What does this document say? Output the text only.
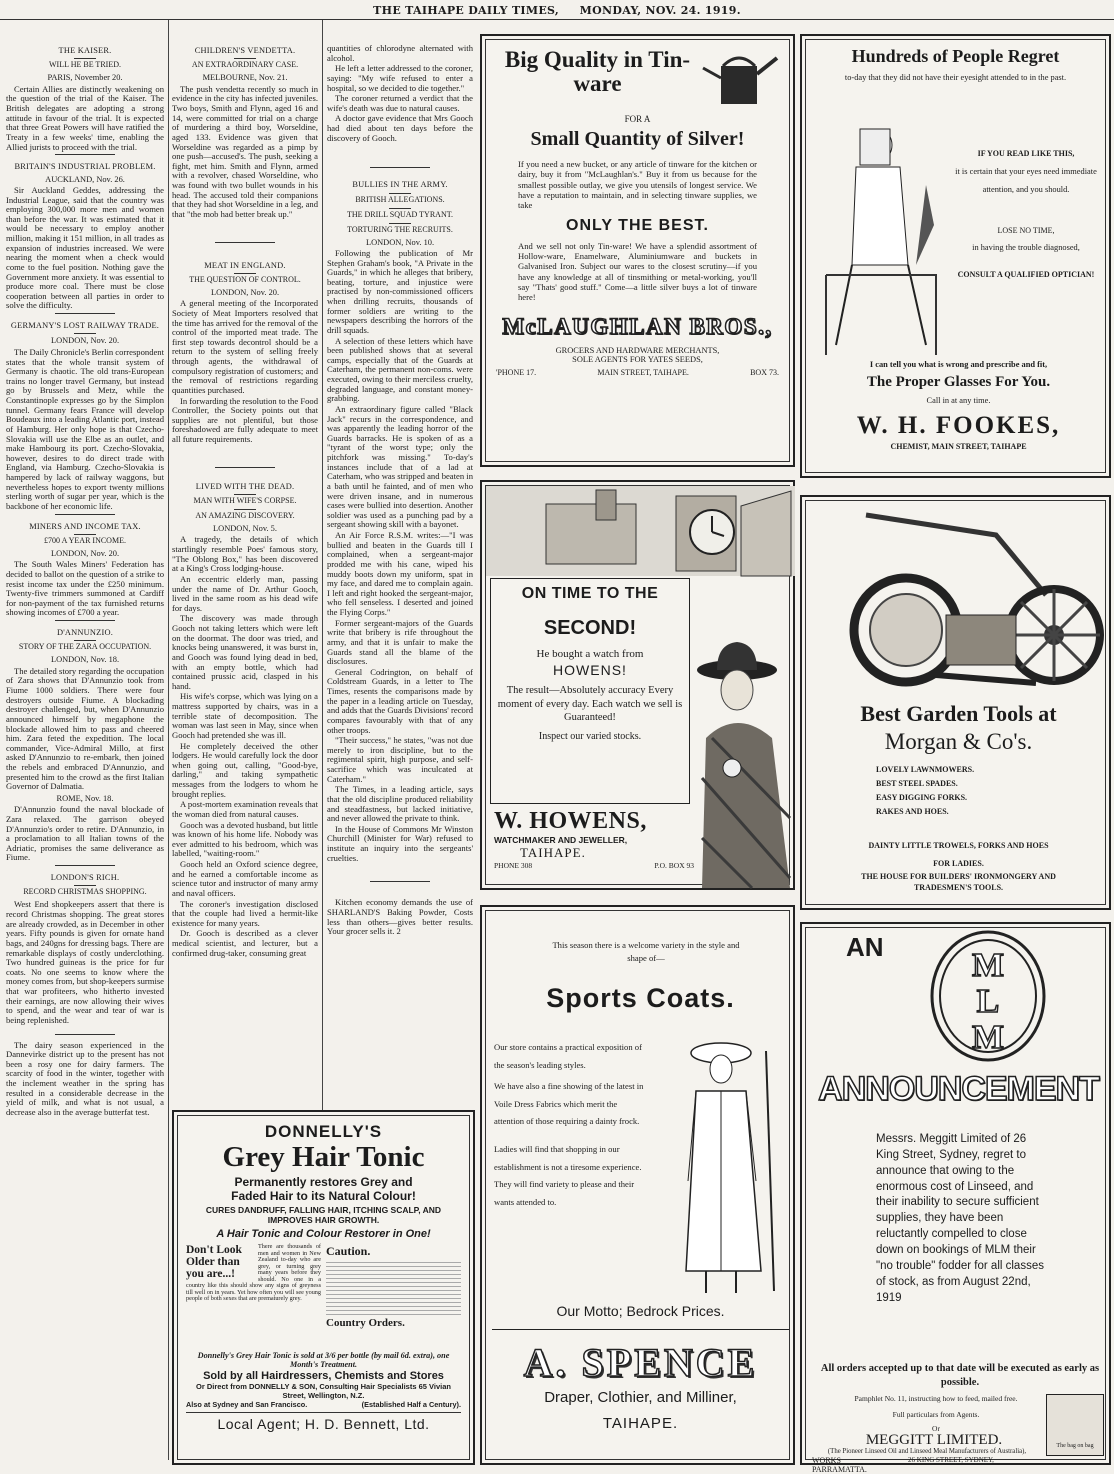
THE TAIHAPE DAILY TIMES, MONDAY, NOV. 24. 1919.
THE KAISER.
WILL HE BE TRIED.
PARIS, November 20.

Certain Allies are distinctly weakening on the question of the trial of the Kaiser. The British delegates are adopting a strong attitude in favour of the trial. It is expected that three Great Powers will have ratified the Treaty in a few weeks' time, enabling the Allied jurists to proceed with the trial.

BRITAIN'S INDUSTRIAL PROBLEM.
AUCKLAND, Nov. 26.

Sir Auckland Geddes, addressing the Industrial League, said that the country was employing 300,000 more men and women than before the war. It was estimated that it would be necessary to employ another million, making it 151 million, in all trades as expansion of industries increased. We were nearing the moment when a check would come to the fuel position. Nothing gave the Government more anxiety. It was essential to produce more coal. There must be close cooperation between all parties in order to solve the difficulty.

GERMANY'S LOST RAILWAY TRADE.
LONDON, Nov. 20.

The Daily Chronicle's Berlin correspondent states that the whole transit system of Germany is chaotic. The old trans-European trains no longer travel Germany, but instead go by Brussels and Metz, while the Constantinople expresses go by the Simplon tunnel. Germany fears France will develop Boudeaux into a leading Atlantic port, instead of Hamburg. Her only hope is that Czecho-Slovakia will use the Elbe as an outlet, and make Hambourg its port. Czecho-Slovakia, however, desires to do direct trade with England, via Hamburg. Czecho-Slovakia is hampered by lack of railway waggons, but nevertheless hopes to export twenty millions sterling worth of sugar per year, which is the backbone of her economic life.

MINERS AND INCOME TAX.
£700 A YEAR INCOME.
LONDON, Nov. 20.

The South Wales Miners' Federation has decided to ballot on the question of a strike to resist income tax under the £250 minimum. Twenty-five trimmers summoned at Cardiff for non-payment of the tax furnished returns showing incomes of £700 a year.

D'ANNUNZIO.
STORY OF THE ZARA OCCUPATION.
LONDON, Nov. 18.

The detailed story regarding the occupation of Zara shows that D'Annunzio took from Fiume 1000 soldiers. There were four destroyers outside Fiume. A blockading destroyer challenged, but, when D'Annunzio announced himself by megaphone the blockade allowed him to pass and cheered him. Zara feted the expedition. The local commander, Vice-Admiral Millo, at first asked D'Annunzio to re-embark, then joined the rebels and embraced D'Annunzio, and presented him to the crowd as the first Italian Governor of Dalmatia.

ROME, Nov. 18.

D'Annunzio found the naval blockade of Zara relaxed. The garrison obeyed D'Annunzio's order to retire. D'Annunzio, in a proclamation to all Italian towns of the Adriatic, promises the same deliverance as Fiume.

LONDON'S RICH.
RECORD CHRISTMAS SHOPPING.

West End shopkeepers assert that there is record Christmas shopping. The great stores are already crowded, as in December in other years. Fifty pounds is given for ornate hand bags, and 240gns for dressing bags. There are remarkable displays of costly underclothing. Two hundred guineas is the price for fur coats. No one seems to know where the money comes from, but shop-keepers surmise that war profiteers, who hitherto invested their earnings, are now allowing their wives to spend, and the wear and tear of war is being replenished.

The dairy season experienced in the Dannevirke district up to the present has not been a rosy one for dairy farmers. The scarcity of food in the winter, together with the inclement weather in the spring has resulted in a considerable decrease in the yield of milk, and what is not usual, a decrease also in the average butterfat test.

CHILDREN'S VENDETTA.
AN EXTRAORDINARY CASE.
MELBOURNE, Nov. 21.

The push vendetta recently so much in evidence in the city has infected juveniles. Two boys, Smith and Flynn, aged 16 and 14, were committed for trial on a charge of murdering a third boy, Worseldine, aged 133. Evidence was given that Worseldine was regarded as a pimp by one push—accused's. The push, seeking a fight, met him. Smith and Flynn, armed with a revolver, chased Worseldine, who was found with two bullet wounds in his head. The accused told their companions that they had shot Worseldine in a leg, and that "the mob had better break up."

MEAT IN ENGLAND.
THE QUESTION OF CONTROL.
LONDON, Nov. 20.

A general meeting of the Incorporated Society of Meat Importers resolved that the time has arrived for the removal of the control of the imported meat trade. The first step towards decontrol should be a return to the system of selling freely through agents, the withdrawal of compulsory registration of customers; and the removal of restrictions regarding quantities purchased.

In forwarding the resolution to the Food Controller, the Society points out that supplies are not plentiful, but those foreshadowed are fully adequate to meet all future requirements.

LIVED WITH THE DEAD.
MAN WITH WIFE'S CORPSE.
AN AMAZING DISCOVERY.
LONDON, Nov. 5.

A tragedy, the details of which startlingly resemble Poes' famous story, "The Oblong Box," has been discovered at a King's Cross lodging-house.

An eccentric elderly man, passing under the name of Dr. Arthur Gooch, lived in the same room as his dead wife for days.

The discovery was made through Gooch not taking letters which were left on the doormat. The door was tried, and knocks being unanswered, it was burst in, and Gooch was found lying dead in bed, with an empty bottle, which had contained prussic acid, clasped in his hand.

His wife's corpse, which was lying on a mattress supported by chairs, was in a terrible state of decomposition. The woman was last seen in May, since when Gooch had pretended she was ill.

He completely deceived the other lodgers. He would carefully lock the door when going out, calling, "Good-bye, darling," and taking sympathetic messages from the lodgers to whom he brought replies.

A post-mortem examination reveals that the woman died from natural causes.

Gooch was a devoted husband, but little was known of his home life. Nobody was ever admitted to his bedroom, which was labelled, "waiting-room."

Gooch held an Oxford science degree, and he earned a comfortable income as science tutor and instructor of many army and naval officers.

The coroner's investigation disclosed that the couple had lived a hermit-like existence for many years.

Dr. Gooch is described as a clever medical scientist, and lecturer, but a confirmed drug-taker, consuming great

quantities of chlorodyne alternated with alcohol.

He left a letter addressed to the coroner, saying: "My wife refused to enter a hospital, so we decided to die together."

The coroner returned a verdict that the wife's death was due to natural causes.

A doctor gave evidence that Mrs Gooch had died about ten days before the discovery of Gooch.

BULLIES IN THE ARMY.
BRITISH ALLEGATIONS.
THE DRILL SQUAD TYRANT.
TORTURING THE RECRUITS.
LONDON, Nov. 10.

Following the publication of Mr Stephen Graham's book, "A Private in the Guards," in which he alleges that bribery, beating, torture, and injustice were practised by non-commissioned officers when drilling recruits, thousands of former soldiers are writing to the newspapers describing the horrors of the drill squads.

A selection of these letters which have been published shows that at several camps, especially that of the Guards at Caterham, the permanent non-coms. were executed, owing to their merciless cruelty, degraded language, and constant money-grabbing.

An extraordinary figure called "Black Jack" recurs in the correspondence, and was apparently the leading horror of the Guards barracks. He is spoken of as a "tyrant of the worst type; only the pitchfork was missing." To-day's instances include that of a lad at Caterham, who was stripped and beaten in a bath until he fainted, and of men who were driven insane, and in numerous cases were bullied into desertion. Another soldier was used as a punching pad by a sergeant showing skill with a bayonet.

An Air Force R.S.M. writes:—"I was bullied and beaten in the Guards till I complained, when a sergeant-major prodded me with his cane, wiped his muddy boots down my uniform, spat in my face, and dared me to complain again. I left and right hooked the sergeant-major, who fell senseless. I deserted and joined the Flying Corps."

Former sergeant-majors of the Guards write that bribery is rife throughout the army, and that it is unfair to make the Guards stand all the blame of the disclosures.

General Codrington, on behalf of Coldstream Guards, in a letter to The Times, resents the comparisons made by the paper in a leading article on Tuesday, and adds that the Guards Divisions' record compares favourably with that of any other troops.

"Their success," he states, "was not due merely to iron discipline, but to the regimental spirit, high purpose, and self-sacrifice which was inculcated at Caterham."

The Times, in a leading article, says that the old discipline produced reliability and steadfastness, but lacked initiative, and never allowed the private to think.

In the House of Commons Mr Winston Churchill (Minister for War) refused to institute an inquiry into the sergeants' cruelties.

Kitchen economy demands the use of SHARLAND'S Baking Powder, Costs less than others—gives better results. Your grocer sells it. 2

DONNELLY'S
Grey Hair Tonic
Permanently restores Grey and
Faded Hair to its Natural Colour!
CURES DANDRUFF, FALLING HAIR, ITCHING SCALP, AND IMPROVES HAIR GROWTH.
A Hair Tonic and Colour Restorer in One!
Don't Look Older than you are...!
There are thousands of men and women in New Zealand to-day who are grey, or turning grey many years before they should. No one in a country like this should show any signs of greyness till well on in years. Yet how often you will see young people of both sexes that are prematurely grey.
Caution.
Country Orders.
Donnelly's Grey Hair Tonic is sold at 3/6 per bottle (by mail 6d. extra), one Month's Treatment.
Sold by all Hairdressers, Chemists and Stores
Or Direct from DONNELLY & SON, Consulting Hair Specialists 65 Vivian Street, Wellington, N.Z.
Also at Sydney and San Francisco.	(Established Half a Century).
Local Agent; H. D. Bennett, Ltd.
Big Quality in Tin-
ware
FOR A
Small Quantity of Silver!
If you need a new bucket, or any article of tinware for the kitchen or dairy, buy it from "McLaughlan's." Buy it from us because for the smallest possible outlay, we give you utensils of longest service. We have a reputation to maintain, and in selecting tinware supplies, we take
ONLY THE BEST.
And we sell not only Tin-ware! We have a splendid assortment of Hollow-ware, Enamelware, Aluminiumware and buckets in Galvanised Iron. Subject our wares to the closest scrutiny—if you have any knowledge at all of tinsmithing or metal-working, you'll say "Thats' good stuff." Come—a little silver buys a lot of tinware here!
McLAUGHLAN BROS.,
GROCERS AND HARDWARE MERCHANTS,
SOLE AGENTS FOR YATES SEEDS,
'PHONE 17.	MAIN STREET, TAIHAPE.	BOX 73.
ON TIME TO THE
SECOND!
He bought a watch from
HOWENS!
The result—Absolutely accuracy Every moment of every day. Each watch we sell is Guaranteed!
Inspect our varied stocks.
W. HOWENS,
WATCHMAKER AND JEWELLER,
TAIHAPE.
PHONE 308	P.O. BOX 93
This season there is a welcome variety in the style and shape of—
Sports Coats.
Our store contains a practical exposition of the season's leading styles.
We have also a fine showing of the latest in Voile Dress Fabrics which merit the attention of those requiring a dainty frock.
Ladies will find that shopping in our establishment is not a tiresome experience. They will find variety to please and their wants attended to.
Our Motto; Bedrock Prices.
A. SPENCE
Draper, Clothier, and Milliner,
TAIHAPE.
Hundreds of People Regret
to-day that they did not have their eyesight attended to in the past.
IF YOU READ LIKE THIS,
it is certain that your eyes need immediate attention, and you should.
LOSE NO TIME,
in having the trouble diagnosed,
CONSULT A QUALIFIED OPTICIAN!
I can tell you what is wrong and prescribe and fit,
The Proper Glasses For You.
Call in at any time.
W. H. FOOKES,
CHEMIST, MAIN STREET, TAIHAPE
Best Garden Tools at
Morgan & Co's.
LOVELY LAWNMOWERS.
BEST STEEL SPADES.
EASY DIGGING FORKS.
RAKES AND HOES.
DAINTY LITTLE TROWELS, FORKS AND HOES
FOR LADIES.
THE HOUSE FOR BUILDERS' IRONMONGERY AND TRADESMEN'S TOOLS.
AN	M
L
M
ANNOUNCEMENT
Messrs. Meggitt Limited of 26 King Street, Sydney, regret to announce that owing to the enormous cost of Linseed, and their inability to secure sufficient supplies, they have been reluctantly compelled to close down on bookings of MLM their "no trouble" fodder for all classes of stock, as from August 22nd, 1919
All orders accepted up to that date will be executed as early as possible.
Pamphlet No. 11, instructing how to feed, mailed free.
Full particulars from Agents.
Or
MEGGITT LIMITED.
(The Pioneer Linseed Oil and Linseed Meal Manufacturers of Australia),
26 KING STREET, SYDNEY,
WORKS PARRAMATTA.
The bag on bag
